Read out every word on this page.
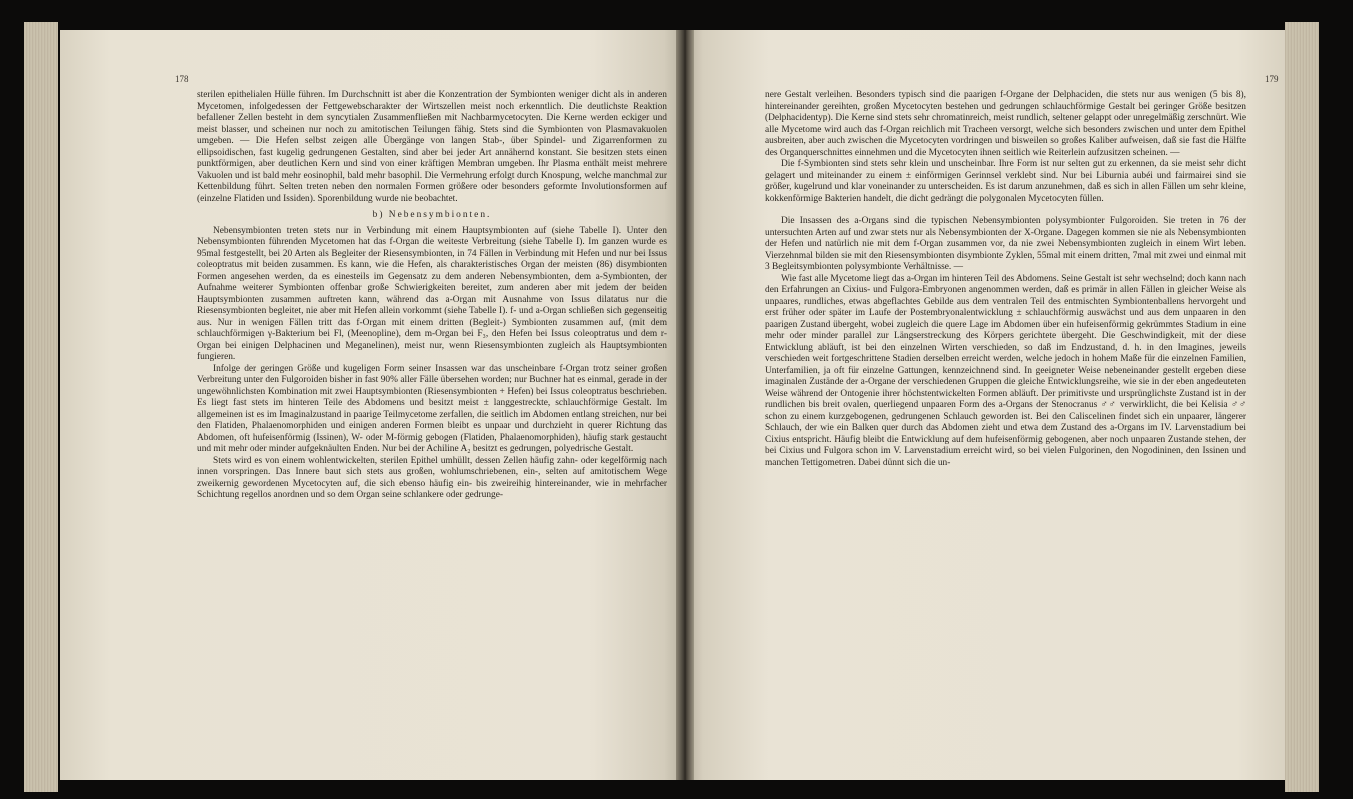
178

sterilen epithelialen Hülle führen. Im Durchschnitt ist aber die Konzentration der Symbionten weniger dicht als in anderen Mycetomen, infolgedessen der Fettgewebscharakter der Wirtszellen meist noch erkenntlich. Die deutlichste Reaktion befallener Zellen besteht in dem syncytialen Zusammenfließen mit Nachbarmycetocyten. Die Kerne werden eckiger und meist blasser, und scheinen nur noch zu amitotischen Teilungen fähig. Stets sind die Symbionten von Plasmavakuolen umgeben. — Die Hefen selbst zeigen alle Übergänge von langen Stab-, über Spindel- und Zigarrenformen zu ellipsoidischen, fast kugelig gedrungenen Gestalten, sind aber bei jeder Art annähernd konstant. Sie besitzen stets einen punktförmigen, aber deutlichen Kern und sind von einer kräftigen Membran umgeben. Ihr Plasma enthält meist mehrere Vakuolen und ist bald mehr eosinophil, bald mehr basophil. Die Vermehrung erfolgt durch Knospung, welche manchmal zur Kettenbildung führt. Selten treten neben den normalen Formen größere oder besonders geformte Involutionsformen auf (einzelne Flatiden und Issiden). Sporenbildung wurde nie beobachtet.

b) Nebensymbionten.

Nebensymbionten treten stets nur in Verbindung mit einem Hauptsymbionten auf (siehe Tabelle I). Unter den Nebensymbionten führenden Mycetomen hat das f-Organ die weiteste Verbreitung (siehe Tabelle I). Im ganzen wurde es 95mal festgestellt, bei 20 Arten als Begleiter der Riesensymbionten, in 74 Fällen in Verbindung mit Hefen und nur bei Issus coleoptratus mit beiden zusammen. Es kann, wie die Hefen, als charakteristisches Organ der meisten (86) disymbionten Formen angesehen werden, da es einesteils im Gegensatz zu dem anderen Nebensymbionten, dem a-Symbionten, der Aufnahme weiterer Symbionten offenbar große Schwierigkeiten bereitet, zum anderen aber mit jedem der beiden Hauptsymbionten zusammen auftreten kann, während das a-Organ mit Ausnahme von Issus dilatatus nur die Riesensymbionten begleitet, nie aber mit Hefen allein vorkommt (siehe Tabelle I). f- und a-Organ schließen sich gegenseitig aus. Nur in wenigen Fällen tritt das f-Organ mit einem dritten (Begleit-) Symbionten zusammen auf, (mit dem schlauchförmigen γ-Bakterium bei Fl, (Meenopline), dem m-Organ bei F₃, den Hefen bei Issus coleoptratus und dem r-Organ bei einigen Delphacinen und Meganelinen), meist nur, wenn Riesensymbionten zugleich als Hauptsymbionten fungieren.

Infolge der geringen Größe und kugeligen Form seiner Insassen war das unscheinbare f-Organ trotz seiner großen Verbreitung unter den Fulgoroiden bisher in fast 90% aller Fälle übersehen worden; nur Buchner hat es einmal, gerade in der ungewöhnlichsten Kombination mit zwei Hauptsymbionten (Riesensymbionten + Hefen) bei Issus coleoptratus beschrieben. Es liegt fast stets im hinteren Teile des Abdomens und besitzt meist ± langgestreckte, schlauchförmige Gestalt. Im allgemeinen ist es im Imaginalzustand in paarige Teilmycetome zerfallen, die seitlich im Abdomen entlang streichen, nur bei den Flatiden, Phalaenomorphiden und einigen anderen Formen bleibt es unpaar und durchzieht in querer Richtung das Abdomen, oft hufeisenförmig (Issinen), W- oder M-förmig gebogen (Flatiden, Phalaenomorphiden), häufig stark gestaucht und mit mehr oder minder aufgeknäulten Enden. Nur bei der Achiline A₂ besitzt es gedrungen, polyedrische Gestalt.

Stets wird es von einem wohlentwickelten, sterilen Epithel umhüllt, dessen Zellen häufig zahn- oder kegelförmig nach innen vorspringen. Das Innere baut sich stets aus großen, wohlumschriebenen, ein-, selten auf amitotischem Wege zweikernig gewordenen Mycetocyten auf, die sich ebenso häufig ein- bis zweireihig hintereinander, wie in mehrfacher Schichtung regellos anordnen und so dem Organ seine schlankere oder gedrunge-

179

nere Gestalt verleihen. Besonders typisch sind die paarigen f-Organe der Delphaciden, die stets nur aus wenigen (5 bis 8), hintereinander gereihten, großen Mycetocyten bestehen und gedrungen schlauchförmige Gestalt bei geringer Größe besitzen (Delphacidentyp). Die Kerne sind stets sehr chromatinreich, meist rundlich, seltener gelappt oder unregelmäßig zerschnürt. Wie alle Mycetome wird auch das f-Organ reichlich mit Tracheen versorgt, welche sich besonders zwischen und unter dem Epithel ausbreiten, aber auch zwischen die Mycetocyten vordringen und bisweilen so großes Kaliber aufweisen, daß sie fast die Hälfte des Organquerschnittes einnehmen und die Mycetocyten ihnen seitlich wie Reiterlein aufzusitzen scheinen. —

Die f-Symbionten sind stets sehr klein und unscheinbar. Ihre Form ist nur selten gut zu erkennen, da sie meist sehr dicht gelagert und miteinander zu einem ± einförmigen Gerinnsel verklebt sind. Nur bei Liburnia aubéi und fairmairei sind sie größer, kugelrund und klar voneinander zu unterscheiden. Es ist darum anzunehmen, daß es sich in allen Fällen um sehr kleine, kokkenförmige Bakterien handelt, die dicht gedrängt die polygonalen Mycetocyten füllen.

Die Insassen des a-Organs sind die typischen Nebensymbionten polysymbionter Fulgoroiden. Sie treten in 76 der untersuchten Arten auf und zwar stets nur als Nebensymbionten der X-Organe. Dagegen kommen sie nie als Nebensymbionten der Hefen und natürlich nie mit dem f-Organ zusammen vor, da nie zwei Nebensymbionten zugleich in einem Wirt leben. Vierzehnmal bilden sie mit den Riesensymbionten disymbionte Zyklen, 55mal mit einem dritten, 7mal mit zwei und einmal mit 3 Begleitsymbionten polysymbionte Verhältnisse. —

Wie fast alle Mycetome liegt das a-Organ im hinteren Teil des Abdomens. Seine Gestalt ist sehr wechselnd; doch kann nach den Erfahrungen an Cixius- und Fulgora-Embryonen angenommen werden, daß es primär in allen Fällen in gleicher Weise als unpaares, rundliches, etwas abgeflachtes Gebilde aus dem ventralen Teil des entmischten Symbiontenballens hervorgeht und erst früher oder später im Laufe der Postembryonalentwicklung ± schlauchförmig auswächst und aus dem unpaaren in den paarigen Zustand übergeht, wobei zugleich die quere Lage im Abdomen über ein hufeisenförmig gekrümmtes Stadium in eine mehr oder minder parallel zur Längserstreckung des Körpers gerichtete übergeht. Die Geschwindigkeit, mit der diese Entwicklung abläuft, ist bei den einzelnen Wirten verschieden, so daß im Endzustand, d. h. in den Imagines, jeweils verschieden weit fortgeschrittene Stadien derselben erreicht werden, welche jedoch in hohem Maße für die einzelnen Familien, Unterfamilien, ja oft für einzelne Gattungen, kennzeichnend sind. In geeigneter Weise nebeneinander gestellt ergeben diese imaginalen Zustände der a-Organe der verschiedenen Gruppen die gleiche Entwicklungsreihe, wie sie in der eben angedeuteten Weise während der Ontogenie ihrer höchstentwickelten Formen abläuft. Der primitivste und ursprünglichste Zustand ist in der rundlichen bis breit ovalen, querliegend unpaaren Form des a-Organs der Stenocranus ♂♂ verwirklicht, die bei Kelisia ♂♂ schon zu einem kurzgebogenen, gedrungenen Schlauch geworden ist. Bei den Caliscelinen findet sich ein unpaarer, längerer Schlauch, der wie ein Balken quer durch das Abdomen zieht und etwa dem Zustand des a-Organs im IV. Larvenstadium bei Cixius entspricht. Häufig bleibt die Entwicklung auf dem hufeisenförmig gebogenen, aber noch unpaaren Zustande stehen, der bei Cixius und Fulgora schon im V. Larvenstadium erreicht wird, so bei vielen Fulgorinen, den Nogodininen, den Issinen und manchen Tettigometren. Dabei dünnt sich die un-
